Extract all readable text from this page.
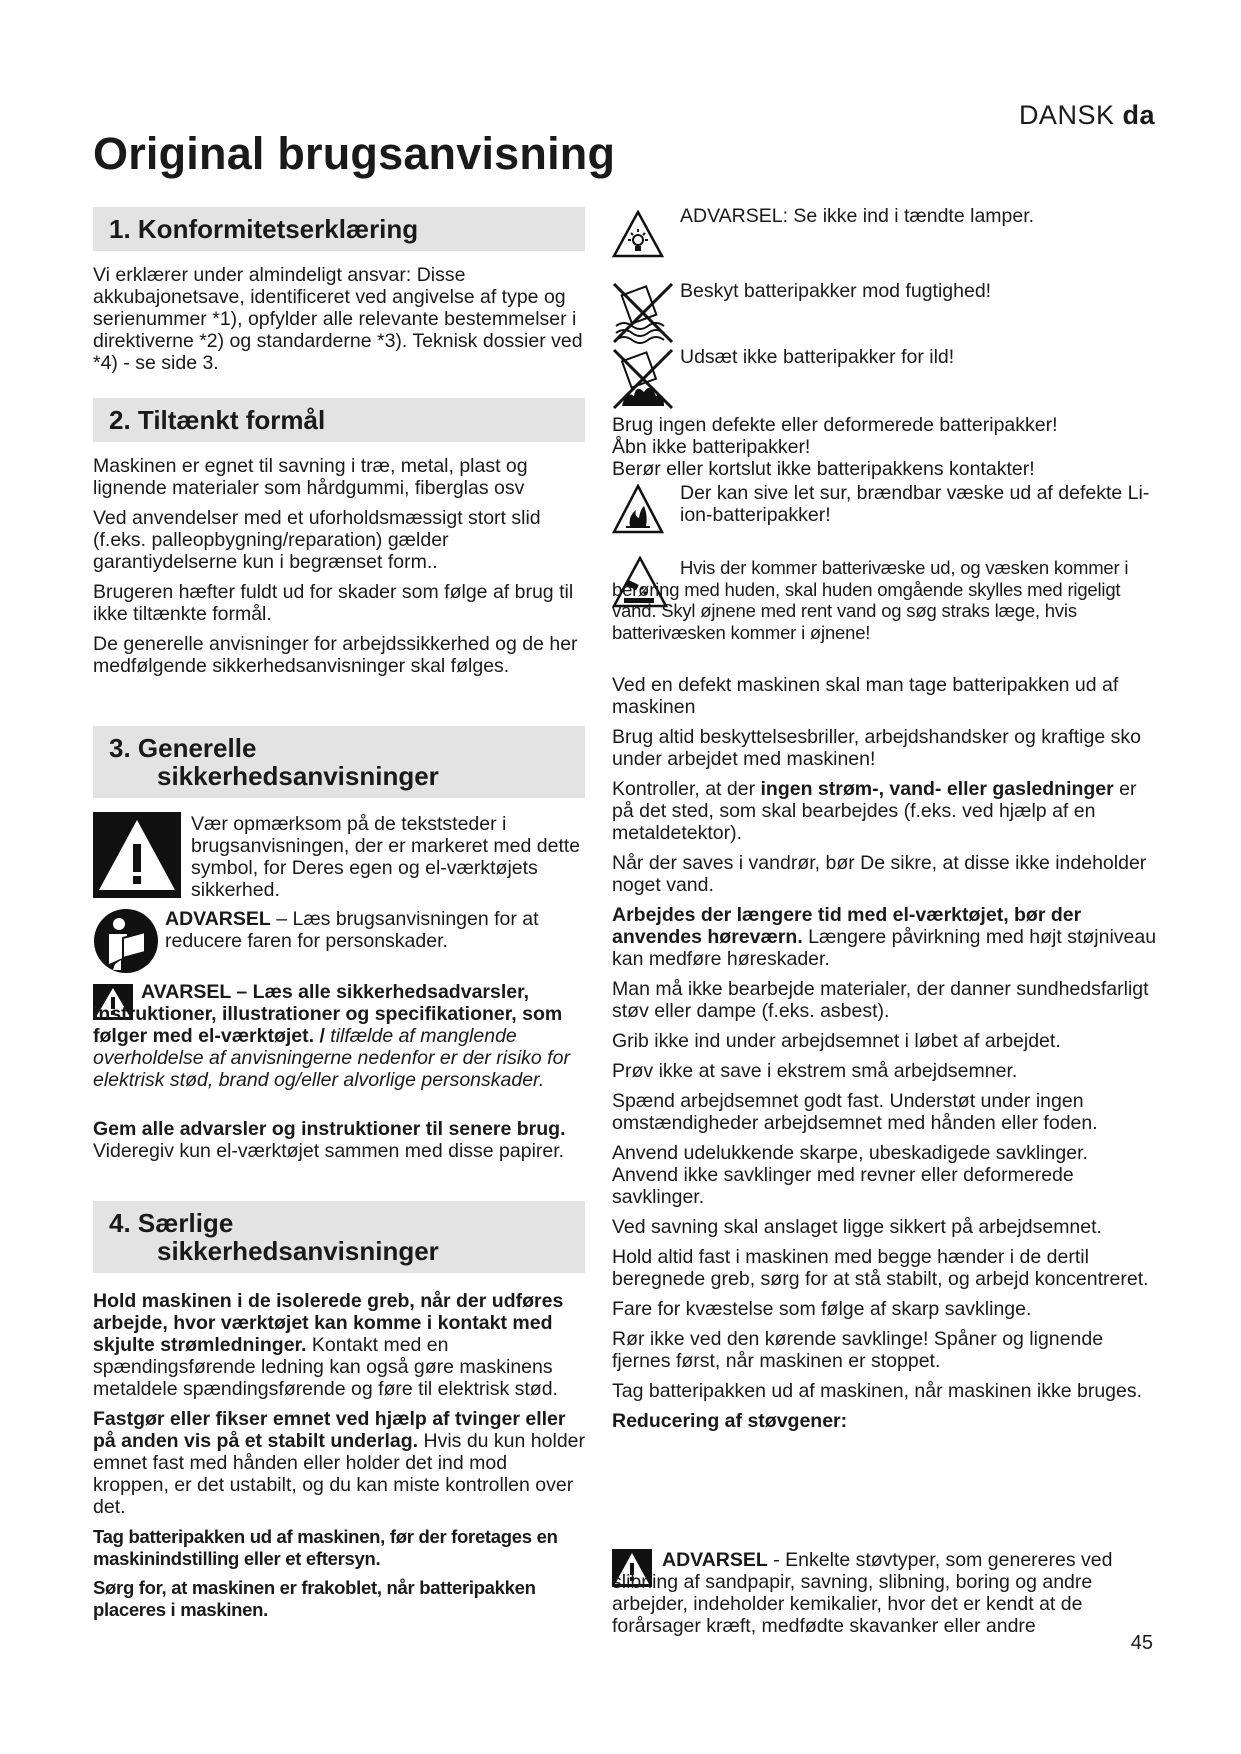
DANSK da
Original brugsanvisning
1. Konformitetserklæring

Vi erklærer under almindeligt ansvar: Disse akkubajonetsave, identificeret ved angivelse af type og serienummer *1), opfylder alle relevante bestemmelser i direktiverne *2) og standarderne *3). Teknisk dossier ved *4) - se side 3.

2. Tiltænkt formål

Maskinen er egnet til savning i træ, metal, plast og lignende materialer som hårdgummi, fiberglas osv

Ved anvendelser med et uforholdsmæssigt stort slid (f.eks. palleopbygning/reparation) gælder garantiydelserne kun i begrænset form..

Brugeren hæfter fuldt ud for skader som følge af brug til ikke tiltænkte formål.

De generelle anvisninger for arbejdssikkerhed og de her medfølgende sikkerhedsanvisninger skal følges.

3. Generelle
sikkerhedsanvisninger

Vær opmærksom på de tekststeder i brugsanvisningen, der er markeret med dette symbol, for Deres egen og el-værktøjets sikkerhed.

ADVARSEL – Læs brugsanvisningen for at reducere faren for personskader.

AVARSEL – Læs alle sikkerhedsadvarsler, instruktioner, illustrationer og specifikationer, som følger med el-værktøjet. / tilfælde af manglende overholdelse af anvisningerne nedenfor er der risiko for elektrisk stød, brand og/eller alvorlige personskader.

Gem alle advarsler og instruktioner til senere brug. Videregiv kun el-værktøjet sammen med disse papirer.

4. Særlige
sikkerhedsanvisninger

Hold maskinen i de isolerede greb, når der udføres arbejde, hvor værktøjet kan komme i kontakt med skjulte strømledninger. Kontakt med en spændingsførende ledning kan også gøre maskinens metaldele spændingsførende og føre til elektrisk stød.

Fastgør eller fikser emnet ved hjælp af tvinger eller på anden vis på et stabilt underlag. Hvis du kun holder emnet fast med hånden eller holder det ind mod kroppen, er det ustabilt, og du kan miste kontrollen over det.

Tag batteripakken ud af maskinen, før der foretages en maskinindstilling eller et eftersyn.

Sørg for, at maskinen er frakoblet, når batteripakken placeres i maskinen.

ADVARSEL: Se ikke ind i tændte lamper.

Beskyt batteripakker mod fugtighed!

Udsæt ikke batteripakker for ild!

Brug ingen defekte eller deformerede batteripakker!

Åbn ikke batteripakker!

Berør eller kortslut ikke batteripakkens kontakter!

Der kan sive let sur, brændbar væske ud af defekte Li-ion-batteripakker!

Hvis der kommer batterivæske ud, og væsken kommer i berøring med huden, skal huden omgående skylles med rigeligt vand. Skyl øjnene med rent vand og søg straks læge, hvis batterivæsken kommer i øjnene!

Ved en defekt maskinen skal man tage batteripakken ud af maskinen

Brug altid beskyttelsesbriller, arbejdshandsker og kraftige sko under arbejdet med maskinen!

Kontroller, at der ingen strøm-, vand- eller gasledninger er på det sted, som skal bearbejdes (f.eks. ved hjælp af en metaldetektor).

Når der saves i vandrør, bør De sikre, at disse ikke indeholder noget vand.

Arbejdes der længere tid med el-værktøjet, bør der anvendes høreværn. Længere påvirkning med højt støjniveau kan medføre høreskader.

Man må ikke bearbejde materialer, der danner sundhedsfarligt støv eller dampe (f.eks. asbest).

Grib ikke ind under arbejdsemnet i løbet af arbejdet.

Prøv ikke at save i ekstrem små arbejdsemner.

Spænd arbejdsemnet godt fast. Understøt under ingen omstændigheder arbejdsemnet med hånden eller foden.

Anvend udelukkende skarpe, ubeskadigede savklinger. Anvend ikke savklinger med revner eller deformerede savklinger.

Ved savning skal anslaget ligge sikkert på arbejdsemnet.

Hold altid fast i maskinen med begge hænder i de dertil beregnede greb, sørg for at stå stabilt, og arbejd koncentreret.

Fare for kvæstelse som følge af skarp savklinge.

Rør ikke ved den kørende savklinge! Spåner og lignende fjernes først, når maskinen er stoppet.

Tag batteripakken ud af maskinen, når maskinen ikke bruges.

Reducering af støvgener:

ADVARSEL - Enkelte støvtyper, som genereres ved slibning af sandpapir, savning, slibning, boring og andre arbejder, indeholder kemikalier, hvor det er kendt at de forårsager kræft, medfødte skavanker eller andre

45
